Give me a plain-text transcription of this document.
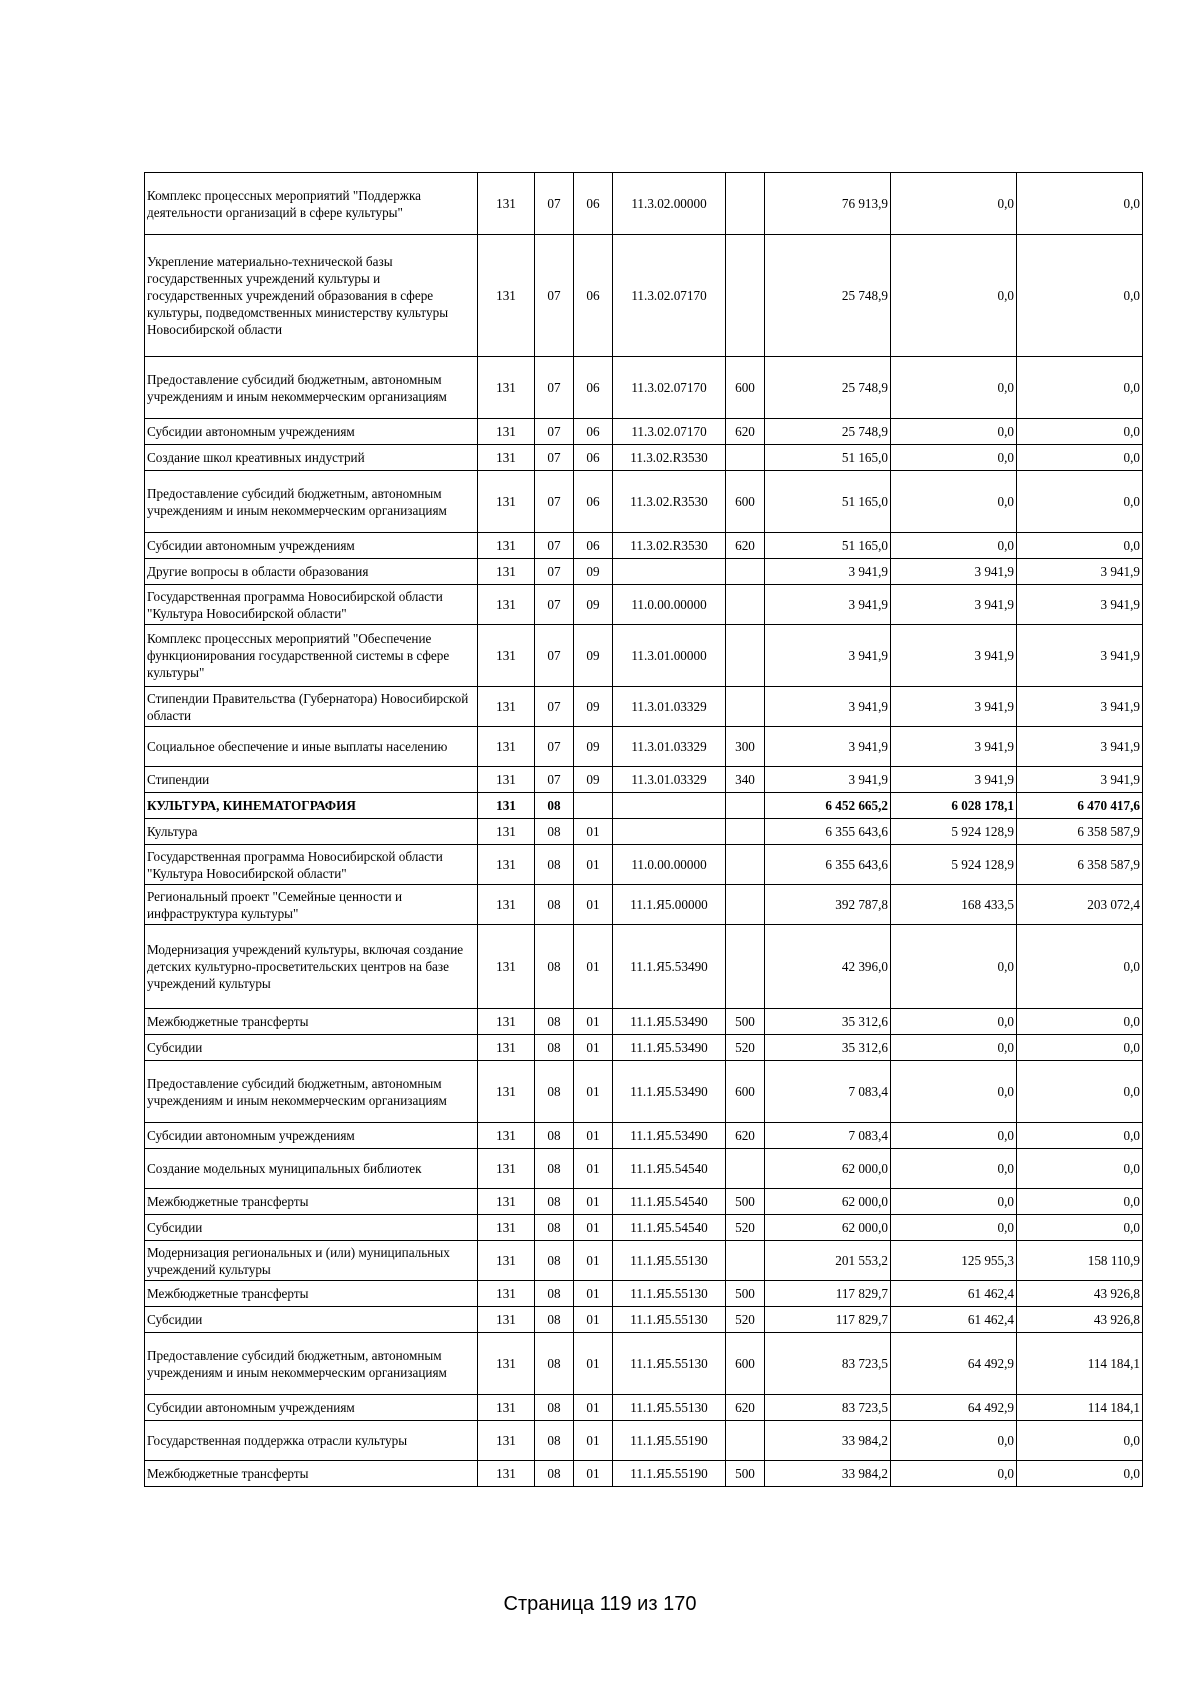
Комплекс процессных мероприятий "Поддержка деятельности организаций в сфере культуры"	131	07	06	11.3.02.00000		76 913,9	0,0	0,0
Укрепление материально-технической базы государственных учреждений культуры и государственных учреждений образования в сфере культуры, подведомственных министерству культуры Новосибирской области	131	07	06	11.3.02.07170		25 748,9	0,0	0,0
Предоставление субсидий бюджетным, автономным учреждениям и иным некоммерческим организациям	131	07	06	11.3.02.07170	600	25 748,9	0,0	0,0
Субсидии автономным учреждениям	131	07	06	11.3.02.07170	620	25 748,9	0,0	0,0
Создание школ креативных индустрий	131	07	06	11.3.02.R3530		51 165,0	0,0	0,0
Предоставление субсидий бюджетным, автономным учреждениям и иным некоммерческим организациям	131	07	06	11.3.02.R3530	600	51 165,0	0,0	0,0
Субсидии автономным учреждениям	131	07	06	11.3.02.R3530	620	51 165,0	0,0	0,0
Другие вопросы в области образования	131	07	09			3 941,9	3 941,9	3 941,9
Государственная программа Новосибирской области "Культура Новосибирской области"	131	07	09	11.0.00.00000		3 941,9	3 941,9	3 941,9
Комплекс процессных мероприятий "Обеспечение функционирования государственной системы в сфере культуры"	131	07	09	11.3.01.00000		3 941,9	3 941,9	3 941,9
Стипендии Правительства (Губернатора) Новосибирской области	131	07	09	11.3.01.03329		3 941,9	3 941,9	3 941,9
Социальное обеспечение и иные выплаты населению	131	07	09	11.3.01.03329	300	3 941,9	3 941,9	3 941,9
Стипендии	131	07	09	11.3.01.03329	340	3 941,9	3 941,9	3 941,9
КУЛЬТУРА, КИНЕМАТОГРАФИЯ	131	08				6 452 665,2	6 028 178,1	6 470 417,6
Культура	131	08	01			6 355 643,6	5 924 128,9	6 358 587,9
Государственная программа Новосибирской области "Культура Новосибирской области"	131	08	01	11.0.00.00000		6 355 643,6	5 924 128,9	6 358 587,9
Региональный проект "Семейные ценности и инфраструктура культуры"	131	08	01	11.1.Я5.00000		392 787,8	168 433,5	203 072,4
Модернизация учреждений культуры, включая создание детских культурно-просветительских центров на базе учреждений культуры	131	08	01	11.1.Я5.53490		42 396,0	0,0	0,0
Межбюджетные трансферты	131	08	01	11.1.Я5.53490	500	35 312,6	0,0	0,0
Субсидии	131	08	01	11.1.Я5.53490	520	35 312,6	0,0	0,0
Предоставление субсидий бюджетным, автономным учреждениям и иным некоммерческим организациям	131	08	01	11.1.Я5.53490	600	7 083,4	0,0	0,0
Субсидии автономным учреждениям	131	08	01	11.1.Я5.53490	620	7 083,4	0,0	0,0
Создание модельных муниципальных библиотек	131	08	01	11.1.Я5.54540		62 000,0	0,0	0,0
Межбюджетные трансферты	131	08	01	11.1.Я5.54540	500	62 000,0	0,0	0,0
Субсидии	131	08	01	11.1.Я5.54540	520	62 000,0	0,0	0,0
Модернизация региональных и (или) муниципальных учреждений культуры	131	08	01	11.1.Я5.55130		201 553,2	125 955,3	158 110,9
Межбюджетные трансферты	131	08	01	11.1.Я5.55130	500	117 829,7	61 462,4	43 926,8
Субсидии	131	08	01	11.1.Я5.55130	520	117 829,7	61 462,4	43 926,8
Предоставление субсидий бюджетным, автономным учреждениям и иным некоммерческим организациям	131	08	01	11.1.Я5.55130	600	83 723,5	64 492,9	114 184,1
Субсидии автономным учреждениям	131	08	01	11.1.Я5.55130	620	83 723,5	64 492,9	114 184,1
Государственная поддержка отрасли культуры	131	08	01	11.1.Я5.55190		33 984,2	0,0	0,0
Межбюджетные трансферты	131	08	01	11.1.Я5.55190	500	33 984,2	0,0	0,0
Страница 119 из 170
